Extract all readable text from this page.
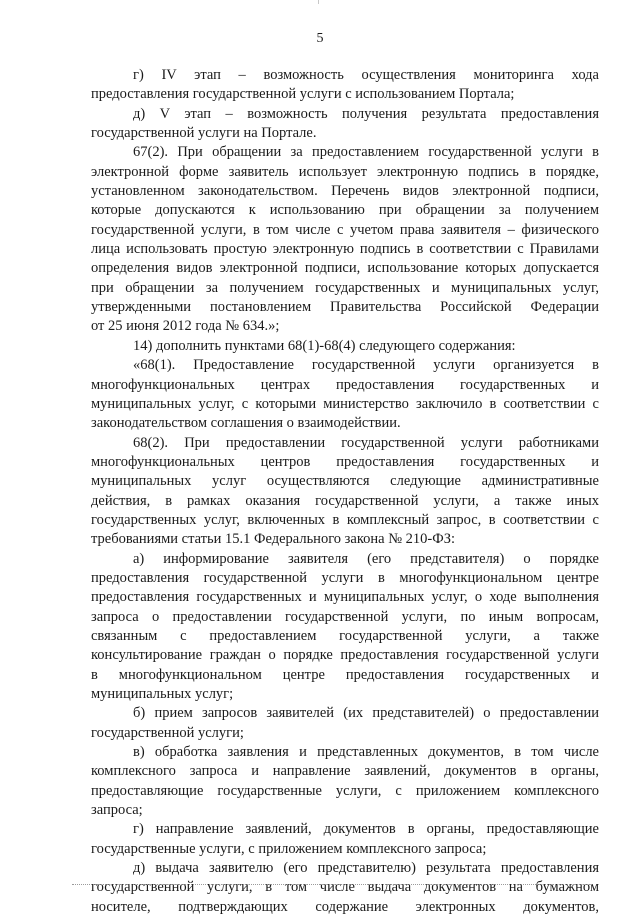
5
г) IV этап – возможность осуществления мониторинга хода
предоставления государственной услуги с использованием Портала;
д) V этап – возможность получения результата предоставления
государственной услуги на Портале.
67(2). При обращении за предоставлением государственной услуги в
электронной форме заявитель использует электронную подпись в порядке,
установленном законодательством. Перечень видов электронной подписи,
которые допускаются к использованию при обращении за получением
государственной услуги, в том числе с учетом права заявителя – физического
лица использовать простую электронную подпись в соответствии с Правилами
определения видов электронной подписи, использование которых допускается
при обращении за получением государственных и муниципальных услуг,
утвержденными постановлением Правительства Российской Федерации
от 25 июня 2012 года № 634.»;
14) дополнить пунктами 68(1)-68(4) следующего содержания:
«68(1). Предоставление государственной услуги организуется в
многофункциональных центрах предоставления государственных и
муниципальных услуг, с которыми министерство заключило в соответствии с
законодательством соглашения о взаимодействии.
68(2). При предоставлении государственной услуги работниками
многофункциональных центров предоставления государственных и
муниципальных услуг осуществляются следующие административные
действия, в рамках оказания государственной услуги, а также иных
государственных услуг, включенных в комплексный запрос, в соответствии с
требованиями статьи 15.1 Федерального закона № 210-ФЗ:
а) информирование заявителя (его представителя) о порядке
предоставления государственной услуги в многофункциональном центре
предоставления государственных и муниципальных услуг, о ходе выполнения
запроса о предоставлении государственной услуги, по иным вопросам,
связанным с предоставлением государственной услуги, а также
консультирование граждан о порядке предоставления государственной услуги
в многофункциональном центре предоставления государственных и
муниципальных услуг;
б) прием запросов заявителей (их представителей) о предоставлении
государственной услуги;
в) обработка заявления и представленных документов, в том числе
комплексного запроса и направление заявлений, документов в органы,
предоставляющие государственные услуги, с приложением комплексного
запроса;
г) направление заявлений, документов в органы, предоставляющие
государственные услуги, с приложением комплексного запроса;
д) выдача заявителю (его представителю) результата предоставления
государственной услуги, в том числе выдача документов на бумажном
носителе, подтверждающих содержание электронных документов,
